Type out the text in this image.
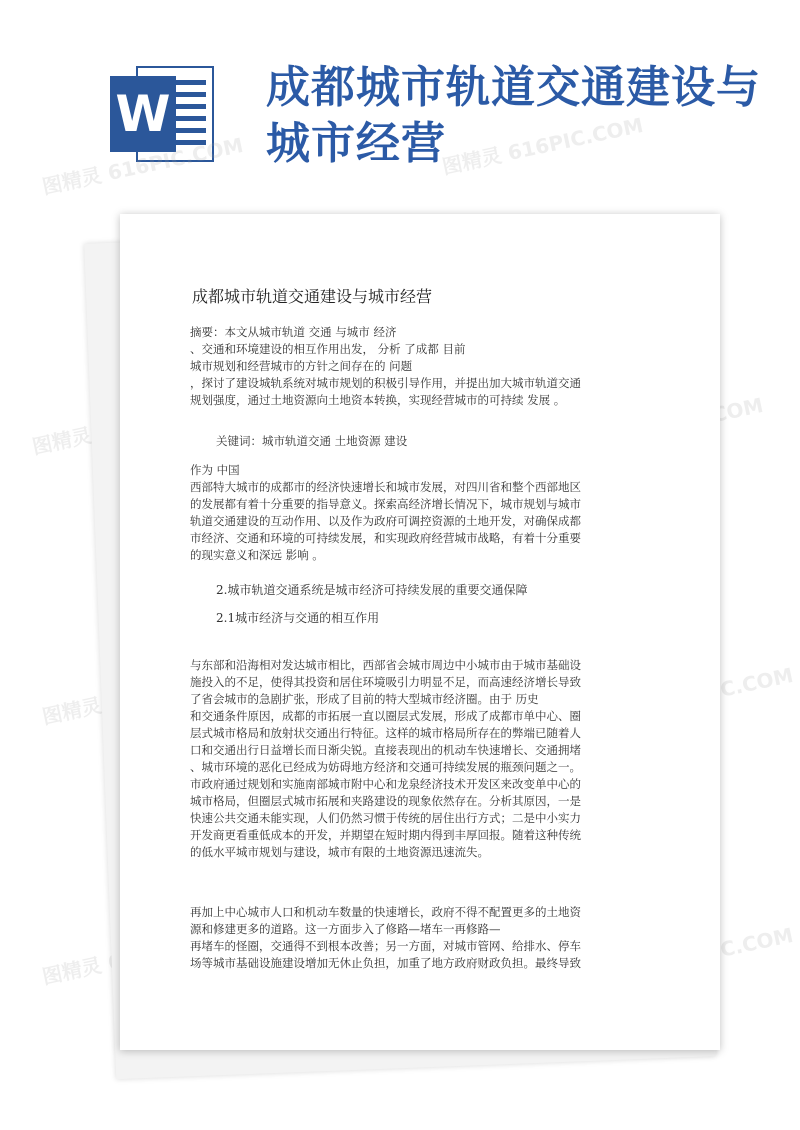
W 成都城市轨道交通建设与城市经营
图精灵 616PIC.COM	图精灵 616PIC.COM
图精灵
图精灵	616PIC.COM
图精灵	616PIC.COM
成都城市轨道交通建设与城市经营

摘要：本文从城市轨道 交通 与城市 经济
、交通和环境建设的相互作用出发， 分析 了成都 目前
城市规划和经营城市的方针之间存在的 问题
，探讨了建设城轨系统对城市规划的积极引导作用，并提出加大城市轨道交通
规划强度，通过土地资源向土地资本转换，实现经营城市的可持续 发展 。

关键词：城市轨道交通 土地资源 建设

作为 中国
西部特大城市的成都市的经济快速增长和城市发展，对四川省和整个西部地区
的发展都有着十分重要的指导意义。探索高经济增长情况下，城市规划与城市
轨道交通建设的互动作用、以及作为政府可调控资源的土地开发，对确保成都
市经济、交通和环境的可持续发展，和实现政府经营城市战略，有着十分重要
的现实意义和深远 影响 。

2.城市轨道交通系统是城市经济可持续发展的重要交通保障

2.1城市经济与交通的相互作用

与东部和沿海相对发达城市相比，西部省会城市周边中小城市由于城市基础设
施投入的不足，使得其投资和居住环境吸引力明显不足，而高速经济增长导致
了省会城市的急剧扩张，形成了目前的特大型城市经济圈。由于 历史
和交通条件原因，成都的市拓展一直以圈层式发展，形成了成都市单中心、圈
层式城市格局和放射状交通出行特征。这样的城市格局所存在的弊端已随着人
口和交通出行日益增长而日渐尖锐。直接表现出的机动车快速增长、交通拥堵
、城市环境的恶化已经成为妨碍地方经济和交通可持续发展的瓶颈问题之一。
市政府通过规划和实施南部城市附中心和龙泉经济技术开发区来改变单中心的
城市格局，但圈层式城市拓展和夹路建设的现象依然存在。分析其原因，一是
快速公共交通未能实现，人们仍然习惯于传统的居住出行方式；二是中小实力
开发商更看重低成本的开发，并期望在短时期内得到丰厚回报。随着这种传统
的低水平城市规划与建设，城市有限的土地资源迅速流失。

再加上中心城市人口和机动车数量的快速增长，政府不得不配置更多的土地资
源和修建更多的道路。这一方面步入了修路—堵车一再修路—
再堵车的怪圈，交通得不到根本改善；另一方面，对城市管网、给排水、停车
场等城市基础设施建设增加无休止负担，加重了地方政府财政负担。最终导致
